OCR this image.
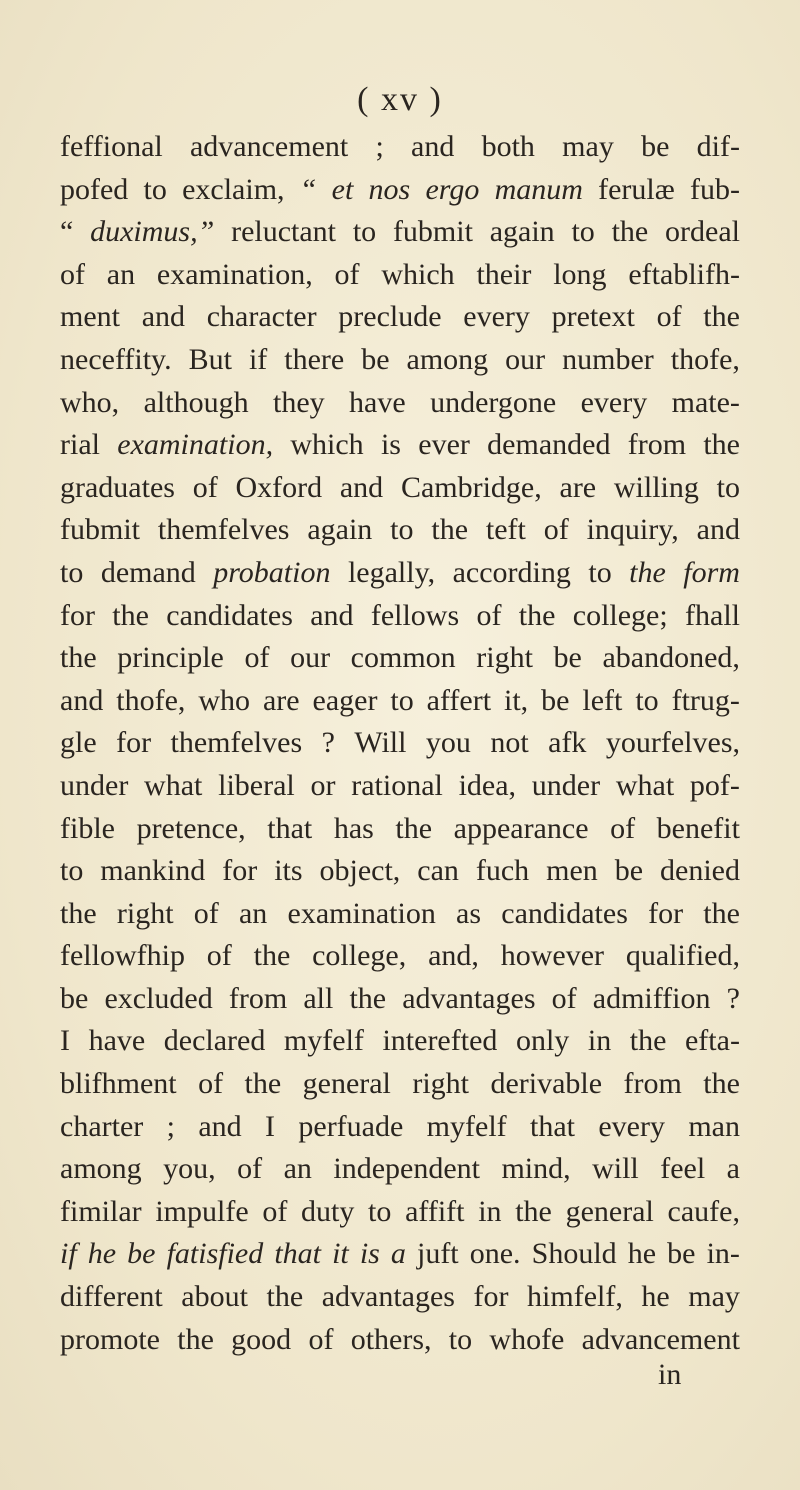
( xv )
feffional advancement ; and both may be dif-
pofed to exclaim, “ et nos ergo manum ferulæ fub-
“ duximus,” reluctant to fubmit again to the ordeal
of an examination, of which their long eftablifh-
ment and character preclude every pretext of the
neceffity. But if there be among our number thofe,
who, although they have undergone every mate-
rial examination, which is ever demanded from the
graduates of Oxford and Cambridge, are willing to
fubmit themfelves again to the teft of inquiry, and
to demand probation legally, according to the form
for the candidates and fellows of the college; fhall
the principle of our common right be abandoned,
and thofe, who are eager to affert it, be left to ftrug-
gle for themfelves ? Will you not afk yourfelves,
under what liberal or rational idea, under what pof-
fible pretence, that has the appearance of benefit
to mankind for its object, can fuch men be denied
the right of an examination as candidates for the
fellowfhip of the college, and, however qualified,
be excluded from all the advantages of admiffion ?
I have declared myfelf interefted only in the efta-
blifhment of the general right derivable from the
charter ; and I perfuade myfelf that every man
among you, of an independent mind, will feel a
fimilar impulfe of duty to affift in the general caufe,
if he be fatisfied that it is a juft one. Should he be in-
different about the advantages for himfelf, he may
promote the good of others, to whofe advancement
in
